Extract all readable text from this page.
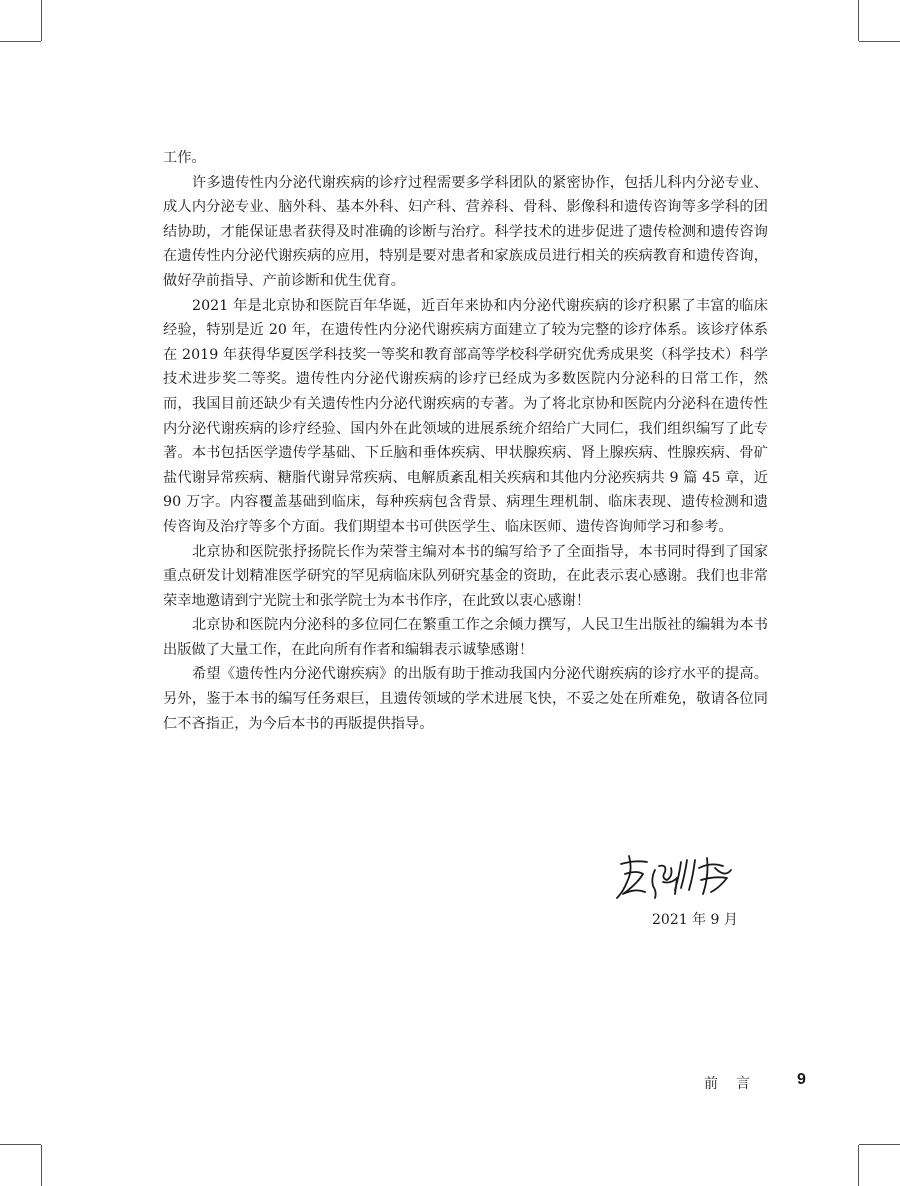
工作。

许多遗传性内分泌代谢疾病的诊疗过程需要多学科团队的紧密协作，包括儿科内分泌专业、成人内分泌专业、脑外科、基本外科、妇产科、营养科、骨科、影像科和遗传咨询等多学科的团结协助，才能保证患者获得及时准确的诊断与治疗。科学技术的进步促进了遗传检测和遗传咨询在遗传性内分泌代谢疾病的应用，特别是要对患者和家族成员进行相关的疾病教育和遗传咨询，做好孕前指导、产前诊断和优生优育。

2021 年是北京协和医院百年华诞，近百年来协和内分泌代谢疾病的诊疗积累了丰富的临床经验，特别是近 20 年，在遗传性内分泌代谢疾病方面建立了较为完整的诊疗体系。该诊疗体系在 2019 年获得华夏医学科技奖一等奖和教育部高等学校科学研究优秀成果奖（科学技术）科学技术进步奖二等奖。遗传性内分泌代谢疾病的诊疗已经成为多数医院内分泌科的日常工作，然而，我国目前还缺少有关遗传性内分泌代谢疾病的专著。为了将北京协和医院内分泌科在遗传性内分泌代谢疾病的诊疗经验、国内外在此领域的进展系统介绍给广大同仁，我们组织编写了此专著。本书包括医学遗传学基础、下丘脑和垂体疾病、甲状腺疾病、肾上腺疾病、性腺疾病、骨矿盐代谢异常疾病、糖脂代谢异常疾病、电解质紊乱相关疾病和其他内分泌疾病共 9 篇 45 章，近 90 万字。内容覆盖基础到临床，每种疾病包含背景、病理生理机制、临床表现、遗传检测和遗传咨询及治疗等多个方面。我们期望本书可供医学生、临床医师、遗传咨询师学习和参考。

北京协和医院张抒扬院长作为荣誉主编对本书的编写给予了全面指导，本书同时得到了国家重点研发计划精准医学研究的罕见病临床队列研究基金的资助，在此表示衷心感谢。我们也非常荣幸地邀请到宁光院士和张学院士为本书作序，在此致以衷心感谢！

北京协和医院内分泌科的多位同仁在繁重工作之余倾力撰写，人民卫生出版社的编辑为本书出版做了大量工作，在此向所有作者和编辑表示诚挚感谢！

希望《遗传性内分泌代谢疾病》的出版有助于推动我国内分泌代谢疾病的诊疗水平的提高。另外，鉴于本书的编写任务艰巨，且遗传领域的学术进展飞快，不妥之处在所难免，敬请各位同仁不吝指正，为今后本书的再版提供指导。

2021 年 9 月
前言 9
